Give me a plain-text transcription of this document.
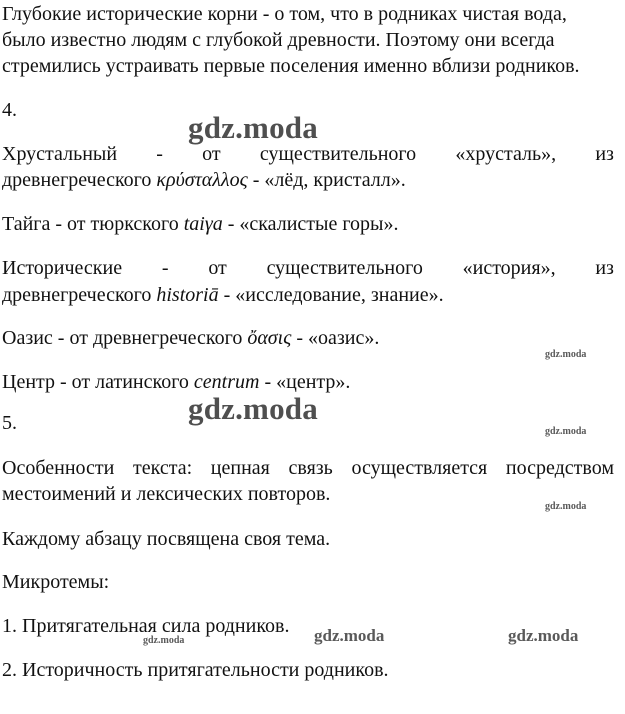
Глубокие исторические корни - о том, что в родниках чистая вода,
было известно людям с глубокой древности. Поэтому они всегда
стремились устраивать первые поселения именно вблизи родников.
4.
Хрустальный - от существительного «хрусталь», из
древнегреческого κρύσταλλος - «лёд, кристалл».
Тайга - от тюркского taiγa - «скалистые горы».
Исторические - от существительного «история», из
древнегреческого historiā - «исследование, знание».
Оазис - от древнегреческого ὄασις - «оазис».
Центр - от латинского centrum - «центр».
5.
Особенности текста: цепная связь осуществляется посредством
местоимений и лексических повторов.
Каждому абзацу посвящена своя тема.
Микротемы:
1. Притягательная сила родников.
2. Историчность притягательности родников.
gdz.moda
gdz.moda
gdz.moda
gdz.moda
gdz.moda
gdz.moda	gdz.moda	gdz.moda
